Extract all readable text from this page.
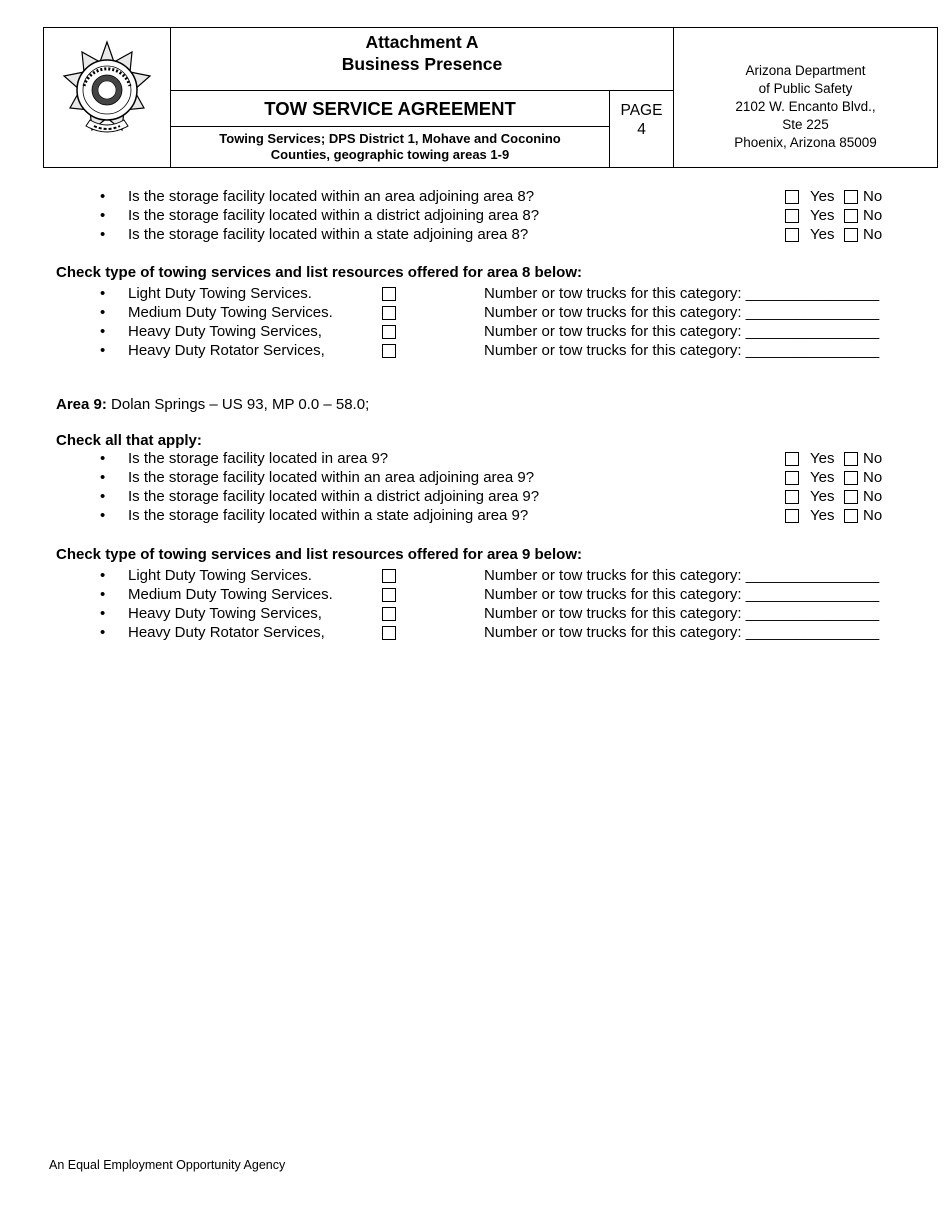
Attachment A
Business Presence
TOW SERVICE AGREEMENT
Towing Services; DPS District 1, Mohave and Coconino
Counties, geographic towing areas 1-9
PAGE
4
Arizona Department
of Public Safety
2102 W. Encanto Blvd.,
Ste 225
Phoenix, Arizona 85009
• Is the storage facility located within an area adjoining area 8?	Yes No
• Is the storage facility located within a district adjoining area 8?	Yes No
• Is the storage facility located within a state adjoining area 8?	Yes No
Check type of towing services and list resources offered for area 8 below:
• Light Duty Towing Services.	Number or tow trucks for this category: ________________
• Medium Duty Towing Services.	Number or tow trucks for this category: ________________
• Heavy Duty Towing Services,	Number or tow trucks for this category: ________________
• Heavy Duty Rotator Services,	Number or tow trucks for this category: ________________
Area 9: Dolan Springs – US 93, MP 0.0 – 58.0;
Check all that apply:
• Is the storage facility located in area 9?	Yes No
• Is the storage facility located within an area adjoining area 9?	Yes No
• Is the storage facility located within a district adjoining area 9?	Yes No
• Is the storage facility located within a state adjoining area 9?	Yes No
Check type of towing services and list resources offered for area 9 below:
• Light Duty Towing Services.	Number or tow trucks for this category: ________________
• Medium Duty Towing Services.	Number or tow trucks for this category: ________________
• Heavy Duty Towing Services,	Number or tow trucks for this category: ________________
• Heavy Duty Rotator Services,	Number or tow trucks for this category: ________________
An Equal Employment Opportunity Agency
